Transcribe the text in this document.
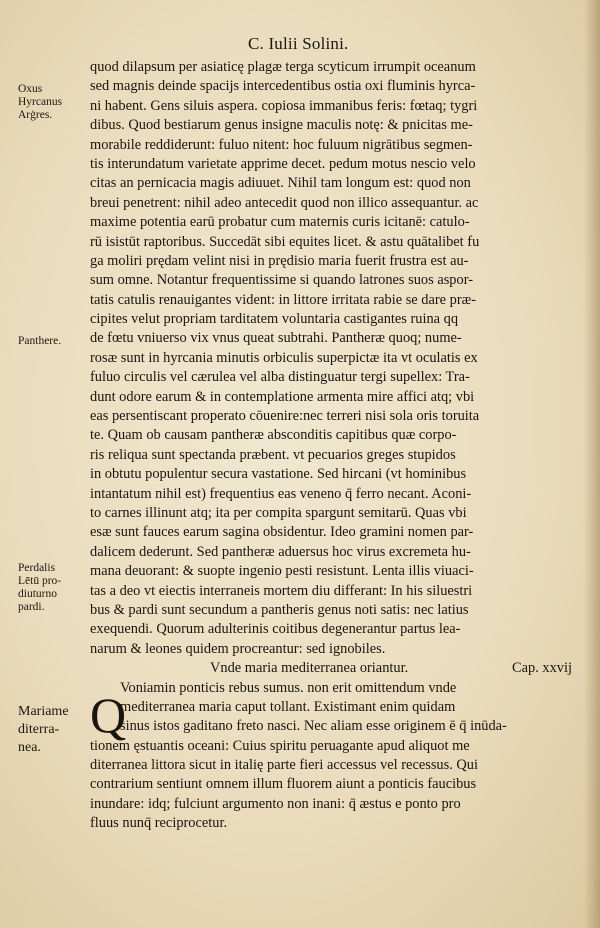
C. Iulii Solini.
Oxus
Hyrcanus
Arġres.
Panthere.
Perdalis
Lētū pro-
diuturno
pardi.
Mariame
diterra-
nea.
quod dilapsum per asiaticę plagæ terga scyticum irrumpit oceanum
sed magnis deinde spacijs intercedentibus ostia oxi fluminis hyrca-
ni habent. Gens siluis aspera. copiosa immanibus feris: fœtaq; tygri
dibus. Quod bestiarum genus insigne maculis notę: & pnicitas me-
morabile reddiderunt: fuluo nitent: hoc fuluum nigrātibus segmen-
tis interundatum varietate apprime decet. pedum motus nescio velo
citas an pernicacia magis adiuuet. Nihil tam longum est: quod non
breui penetrent: nihil adeo antecedit quod non illico assequantur. ac
maxime potentia earū probatur cum maternis curis icitanē: catulo-
rū isistūt raptoribus. Succedāt sibi equites licet. & astu quātalibet fu
ga moliri prędam velint nisi in prędisio maria fuerit frustra est au-
sum omne. Notantur frequentissime si quando latrones suos aspor-
tatis catulis renauigantes vident: in littore irritata rabie se dare præ-
cipites velut propriam tarditatem voluntaria castigantes ruina qq
de fœtu vniuerso vix vnus queat subtrahi. Pantheræ quoq; nume-
rosæ sunt in hyrcania minutis orbiculis superpictæ ita vt oculatis ex
fuluo circulis vel cærulea vel alba distinguatur tergi supellex: Tra-
dunt odore earum & in contemplatione armenta mire affici atq; vbi
eas persentiscant properato cōuenire:nec terreri nisi sola oris toruita
te. Quam ob causam pantheræ absconditis capitibus quæ corpo-
ris reliqua sunt spectanda præbent. vt pecuarios greges stupidos
in obtutu populentur secura vastatione. Sed hircani (vt hominibus
intantatum nihil est) frequentius eas veneno q̄ ferro necant. Aconi-
to carnes illinunt atq; ita per compita spargunt semitarū. Quas vbi
esæ sunt fauces earum sagina obsidentur. Ideo gramini nomen par-
dalicem dederunt. Sed pantheræ aduersus hoc virus excremeta hu-
mana deuorant: & suopte ingenio pesti resistunt. Lenta illis viuaci-
tas a deo vt eiectis interraneis mortem diu differant: In his siluestri
bus & pardi sunt secundum a pantheris genus noti satis: nec latius
exequendi. Quorum adulterinis coitibus degenerantur partus lea-
narum & leones quidem procreantur: sed ignobiles.
Vnde maria mediterranea oriantur.	Cap. xxvij
Voniamin ponticis rebus sumus. non erit omittendum vnde
mediterranea maria caput tollant. Existimant enim quidam
sinus istos gaditano freto nasci. Nec aliam esse originem ē q̄ inūda-
tionem ęstuantis oceani: Cuius spiritu peruagante apud aliquot me
diterranea littora sicut in italię parte fieri accessus vel recessus. Qui
contrarium sentiunt omnem illum fluorem aiunt a ponticis faucibus
inundare: idq; fulciunt argumento non inani: q̄ æstus e ponto pro
fluus nunq̄ reciprocetur.
Q
